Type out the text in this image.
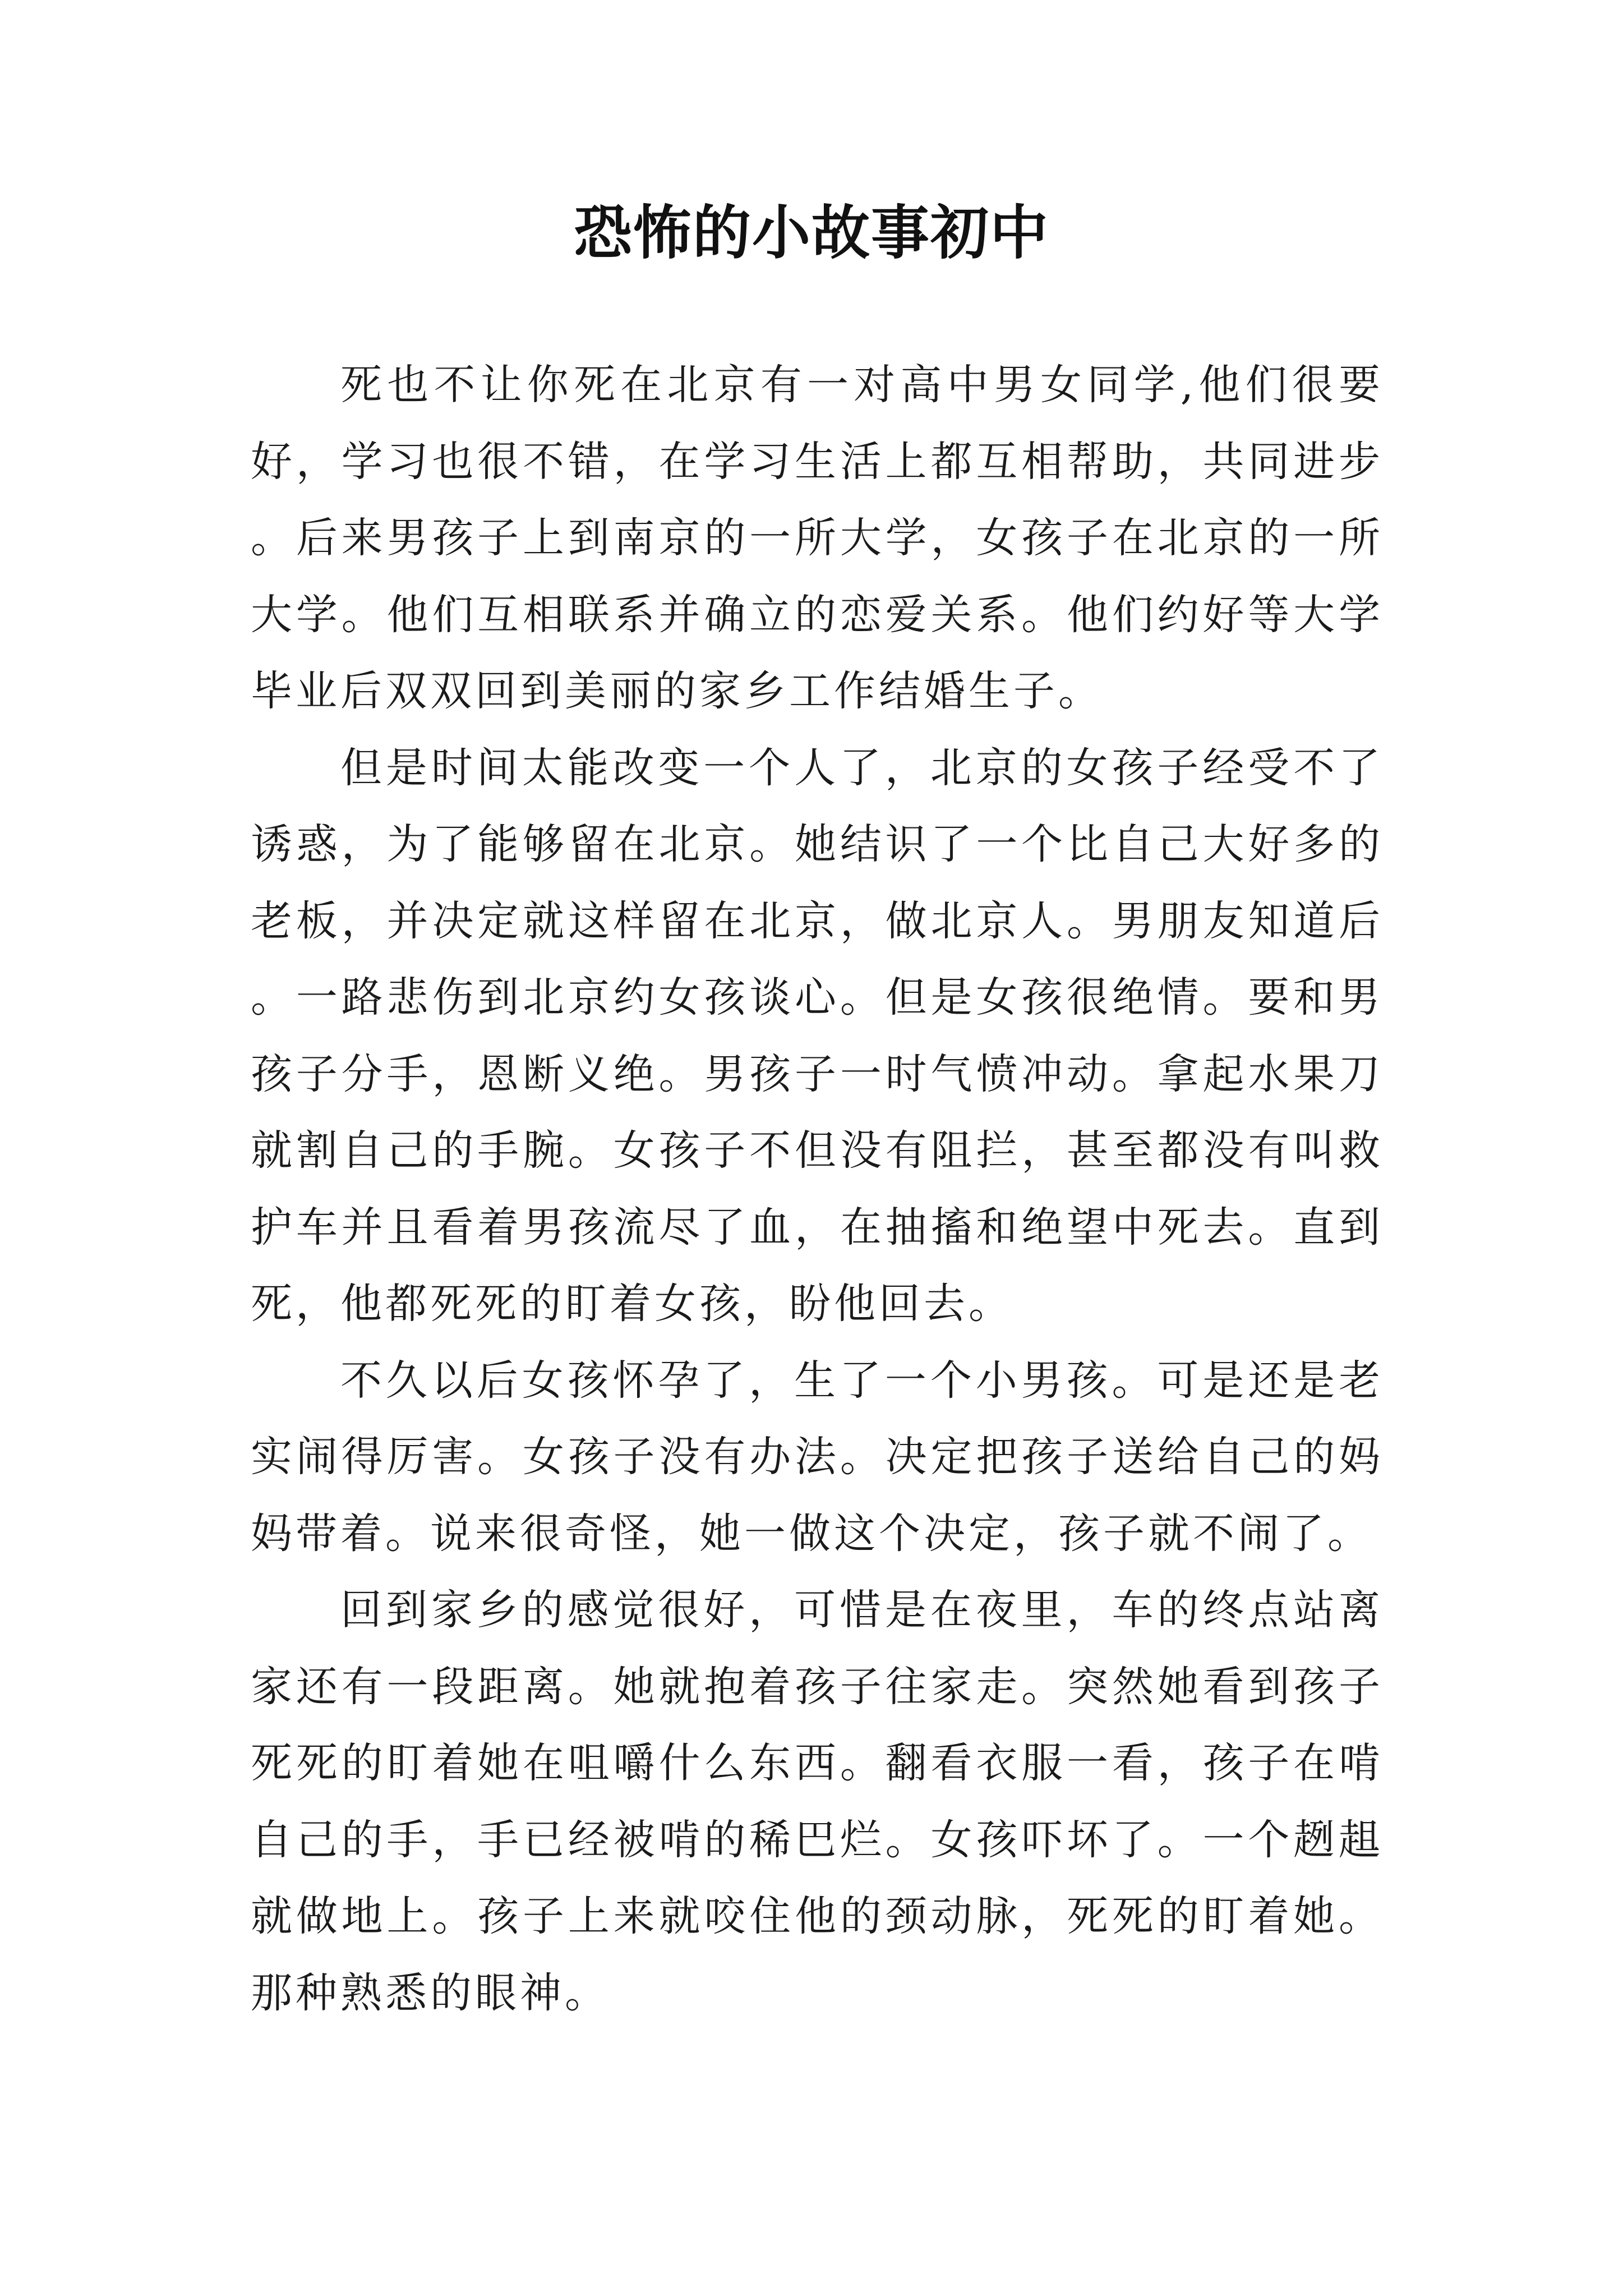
恐怖的小故事初中

死也不让你死在北京有一对高中男女同学,他们很要好，学习也很不错，在学习生活上都互相帮助，共同进步。后来男孩子上到南京的一所大学，女孩子在北京的一所大学。他们互相联系并确立的恋爱关系。他们约好等大学毕业后双双回到美丽的家乡工作结婚生子。

但是时间太能改变一个人了，北京的女孩子经受不了诱惑，为了能够留在北京。她结识了一个比自己大好多的老板，并决定就这样留在北京，做北京人。男朋友知道后。一路悲伤到北京约女孩谈心。但是女孩很绝情。要和男孩子分手，恩断义绝。男孩子一时气愤冲动。拿起水果刀就割自己的手腕。女孩子不但没有阻拦，甚至都没有叫救护车并且看着男孩流尽了血，在抽搐和绝望中死去。直到死，他都死死的盯着女孩，盼他回去。

不久以后女孩怀孕了，生了一个小男孩。可是还是老实闹得厉害。女孩子没有办法。决定把孩子送给自己的妈妈带着。说来很奇怪，她一做这个决定，孩子就不闹了。

回到家乡的感觉很好，可惜是在夜里，车的终点站离家还有一段距离。她就抱着孩子往家走。突然她看到孩子死死的盯着她在咀嚼什么东西。翻看衣服一看，孩子在啃自己的手，手已经被啃的稀巴烂。女孩吓坏了。一个趔趄就做地上。孩子上来就咬住他的颈动脉，死死的盯着她。那种熟悉的眼神。
